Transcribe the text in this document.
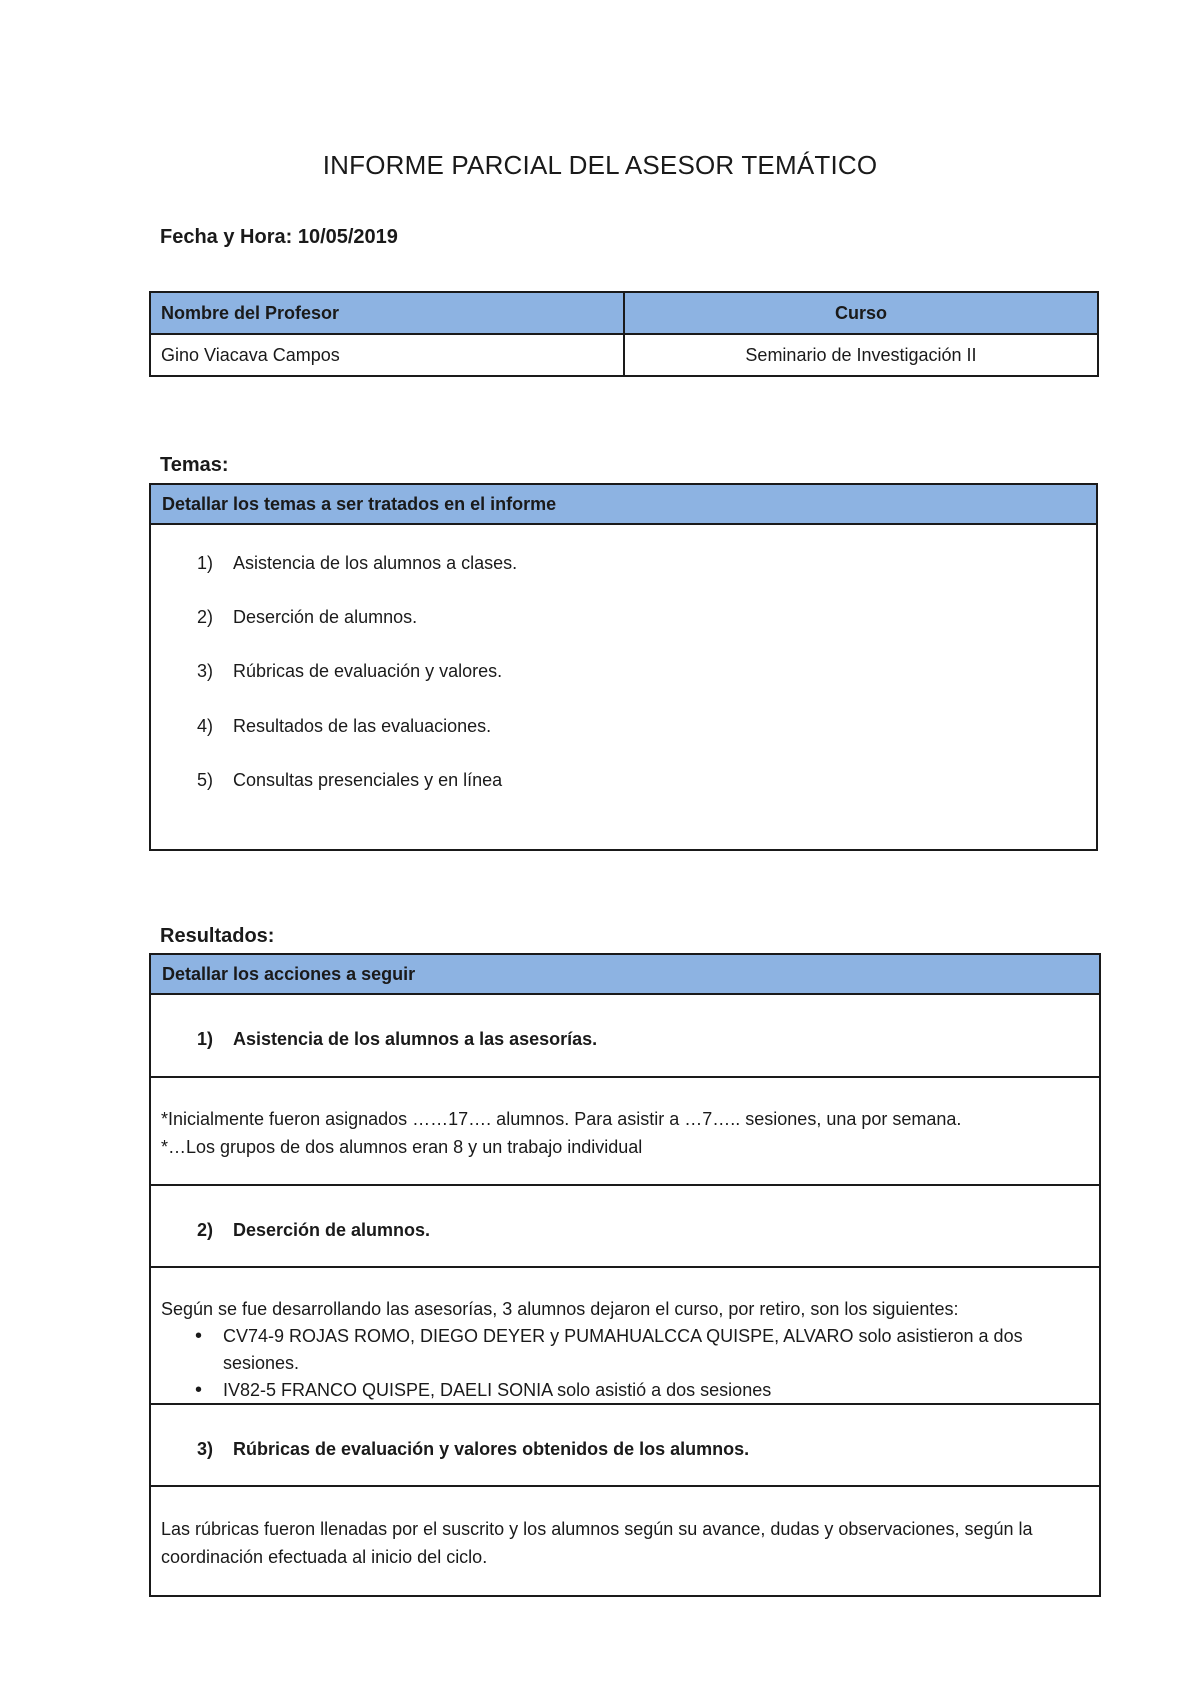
INFORME PARCIAL DEL ASESOR TEMÁTICO
Fecha y Hora: 10/05/2019
Nombre del Profesor	Curso
Gino Viacava Campos	Seminario de Investigación II
Temas:
Detallar los temas a ser tratados en el informe
1) Asistencia de los alumnos a clases.
2) Deserción de alumnos.
3) Rúbricas de evaluación y valores.
4) Resultados de las evaluaciones.
5) Consultas presenciales y en línea
Resultados:
Detallar los acciones a seguir
1) Asistencia de los alumnos a las asesorías.
*Inicialmente fueron asignados ……17…. alumnos. Para asistir a …7….. sesiones, una por semana.
*…Los grupos de dos alumnos eran 8 y un trabajo individual
2) Deserción de alumnos.
Según se fue desarrollando las asesorías, 3 alumnos dejaron el curso, por retiro, son los siguientes:
• CV74-9 ROJAS ROMO, DIEGO DEYER y PUMAHUALCCA QUISPE, ALVARO solo asistieron a dos sesiones.
• IV82-5 FRANCO QUISPE, DAELI SONIA solo asistió a dos sesiones
3) Rúbricas de evaluación y valores obtenidos de los alumnos.
Las rúbricas fueron llenadas por el suscrito y los alumnos según su avance, dudas y observaciones, según la coordinación efectuada al inicio del ciclo.
